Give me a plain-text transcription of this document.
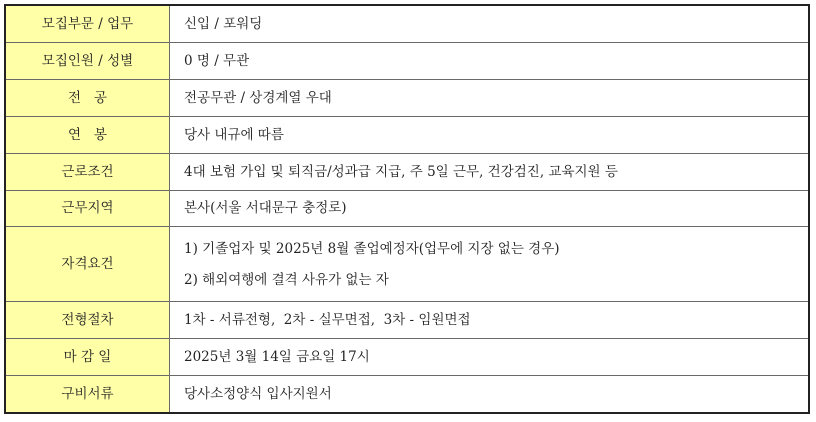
모집부문 / 업무	신입 / 포워딩
모집인원 / 성별	0 명 / 무관
전   공	전공무관 / 상경계열 우대
연   봉	당사 내규에 따름
근로조건	4대 보험 가입 및 퇴직금/성과급 지급, 주 5일 근무, 건강검진, 교육지원 등
근무지역	본사(서울 서대문구 충정로)
자격요건	1) 기졸업자 및 2025년 8월 졸업예정자(업무에 지장 없는 경우)
2) 해외여행에 결격 사유가 없는 자

전형절차	1차 - 서류전형,  2차 - 실무면접,  3차 - 임원면접
마 감 일	2025년 3월 14일 금요일 17시
구비서류	당사소정양식 입사지원서
